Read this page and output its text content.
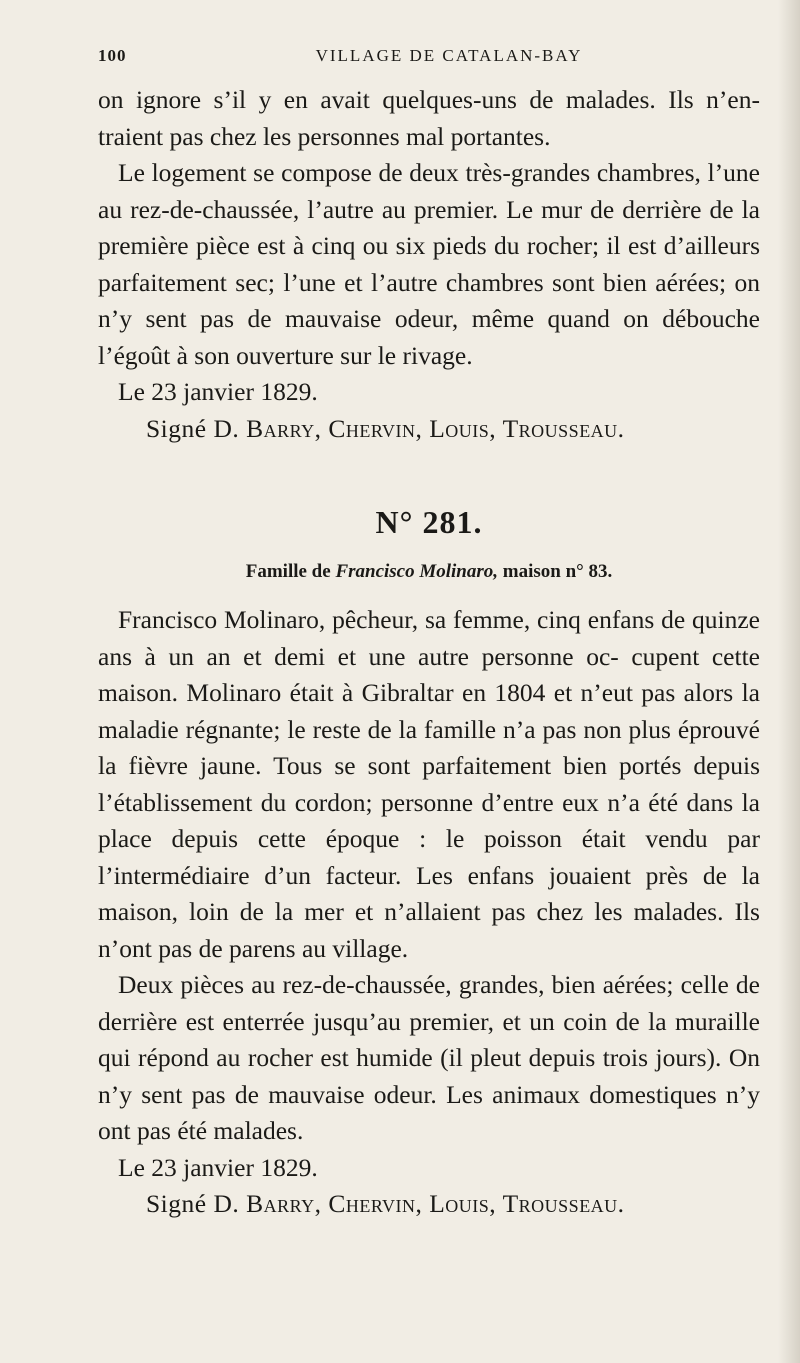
100	VILLAGE DE CATALAN-BAY

on ignore s’il y en avait quelques-uns de malades. Ils n’en- traient pas chez les personnes mal portantes.

Le logement se compose de deux très-grandes chambres, l’une au rez-de-chaussée, l’autre au premier. Le mur de derrière de la première pièce est à cinq ou six pieds du rocher; il est d’ailleurs parfaitement sec; l’une et l’autre chambres sont bien aérées; on n’y sent pas de mauvaise odeur, même quand on débouche l’égoût à son ouverture sur le rivage.

Le 23 janvier 1829.

Signé D. Barry, Chervin, Louis, Trousseau.

N° 281.
Famille de Francisco Molinaro, maison n° 83.

Francisco Molinaro, pêcheur, sa femme, cinq enfans de quinze ans à un an et demi et une autre personne oc- cupent cette maison. Molinaro était à Gibraltar en 1804 et n’eut pas alors la maladie régnante; le reste de la famille n’a pas non plus éprouvé la fièvre jaune. Tous se sont parfaitement bien portés depuis l’établissement du cordon; personne d’entre eux n’a été dans la place depuis cette époque : le poisson était vendu par l’intermédiaire d’un facteur. Les enfans jouaient près de la maison, loin de la mer et n’allaient pas chez les malades. Ils n’ont pas de parens au village.

Deux pièces au rez-de-chaussée, grandes, bien aérées; celle de derrière est enterrée jusqu’au premier, et un coin de la muraille qui répond au rocher est humide (il pleut depuis trois jours). On n’y sent pas de mauvaise odeur. Les animaux domestiques n’y ont pas été malades.

Le 23 janvier 1829.

Signé D. Barry, Chervin, Louis, Trousseau.
